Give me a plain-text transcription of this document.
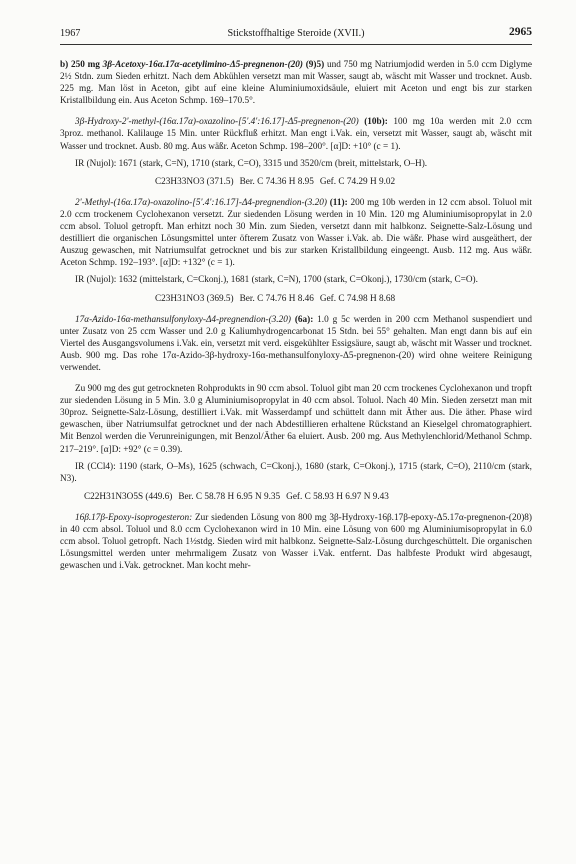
1967	Stickstoffhaltige Steroide (XVII.)	2965

b) 250 mg 3β-Acetoxy-16α.17α-acetylimino-Δ5-pregnenon-(20) (9)5) und 750 mg Natriumjodid werden in 5.0 ccm Diglyme 2½ Stdn. zum Sieden erhitzt. Nach dem Abkühlen versetzt man mit Wasser, saugt ab, wäscht mit Wasser und trocknet. Ausb. 225 mg. Man löst in Aceton, gibt auf eine kleine Aluminiumoxidsäule, eluiert mit Aceton und engt bis zur starken Kristallbildung ein. Aus Aceton Schmp. 169–170.5°.

3β-Hydroxy-2'-methyl-(16α.17α)-oxazolino-[5'.4':16.17]-Δ5-pregnenon-(20) (10b): 100 mg 10a werden mit 2.0 ccm 3proz. methanol. Kalilauge 15 Min. unter Rückfluß erhitzt. Man engt i.Vak. ein, versetzt mit Wasser, saugt ab, wäscht mit Wasser und trocknet. Ausb. 80 mg. Aus wäßr. Aceton Schmp. 198–200°. [α]D: +10° (c = 1).

IR (Nujol): 1671 (stark, C=N), 1710 (stark, C=O), 3315 und 3520/cm (breit, mittelstark, O–H).

C23H33NO3 (371.5) Ber. C 74.36 H 8.95 Gef. C 74.29 H 9.02

2'-Methyl-(16α.17α)-oxazolino-[5'.4':16.17]-Δ4-pregnendion-(3.20) (11): 200 mg 10b werden in 12 ccm absol. Toluol mit 2.0 ccm trockenem Cyclohexanon versetzt. Zur siedenden Lösung werden in 10 Min. 120 mg Aluminiumisopropylat in 2.0 ccm absol. Toluol getropft. Man erhitzt noch 30 Min. zum Sieden, versetzt dann mit halbkonz. Seignette-Salz-Lösung und destilliert die organischen Lösungsmittel unter öfterem Zusatz von Wasser i.Vak. ab. Die wäßr. Phase wird ausgeäthert, der Auszug gewaschen, mit Natriumsulfat getrocknet und bis zur starken Kristallbildung eingeengt. Ausb. 112 mg. Aus wäßr. Aceton Schmp. 192–193°. [α]D: +132° (c = 1).

IR (Nujol): 1632 (mittelstark, C=Ckonj.), 1681 (stark, C=N), 1700 (stark, C=Okonj.), 1730/cm (stark, C=O).

C23H31NO3 (369.5) Ber. C 74.76 H 8.46 Gef. C 74.98 H 8.68

17α-Azido-16α-methansulfonyloxy-Δ4-pregnendion-(3.20) (6a): 1.0 g 5c werden in 200 ccm Methanol suspendiert und unter Zusatz von 25 ccm Wasser und 2.0 g Kaliumhydrogencarbonat 15 Stdn. bei 55° gehalten. Man engt dann bis auf ein Viertel des Ausgangsvolumens i.Vak. ein, versetzt mit verd. eisgekühlter Essigsäure, saugt ab, wäscht mit Wasser und trocknet. Ausb. 900 mg. Das rohe 17α-Azido-3β-hydroxy-16α-methansulfonyloxy-Δ5-pregnenon-(20) wird ohne weitere Reinigung verwendet.

Zu 900 mg des gut getrockneten Rohprodukts in 90 ccm absol. Toluol gibt man 20 ccm trockenes Cyclohexanon und tropft zur siedenden Lösung in 5 Min. 3.0 g Aluminiumisopropylat in 40 ccm absol. Toluol. Nach 40 Min. Sieden zersetzt man mit 30proz. Seignette-Salz-Lösung, destilliert i.Vak. mit Wasserdampf und schüttelt dann mit Äther aus. Die äther. Phase wird gewaschen, über Natriumsulfat getrocknet und der nach Abdestillieren erhaltene Rückstand an Kieselgel chromatographiert. Mit Benzol werden die Verunreinigungen, mit Benzol/Äther 6a eluiert. Ausb. 200 mg. Aus Methylenchlorid/Methanol Schmp. 217–219°. [α]D: +92° (c = 0.39).

IR (CCl4): 1190 (stark, O–Ms), 1625 (schwach, C=Ckonj.), 1680 (stark, C=Okonj.), 1715 (stark, C=O), 2110/cm (stark, N3).

C22H31N3O5S (449.6) Ber. C 58.78 H 6.95 N 9.35 Gef. C 58.93 H 6.97 N 9.43

16β.17β-Epoxy-isoprogesteron: Zur siedenden Lösung von 800 mg 3β-Hydroxy-16β.17β-epoxy-Δ5.17α-pregnenon-(20)8) in 40 ccm absol. Toluol und 8.0 ccm Cyclohexanon wird in 10 Min. eine Lösung von 600 mg Aluminiumisopropylat in 6.0 ccm absol. Toluol getropft. Nach 1½stdg. Sieden wird mit halbkonz. Seignette-Salz-Lösung durchgeschüttelt. Die organischen Lösungsmittel werden unter mehrmaligem Zusatz von Wasser i.Vak. entfernt. Das halbfeste Produkt wird abgesaugt, gewaschen und i.Vak. getrocknet. Man kocht mehr-
